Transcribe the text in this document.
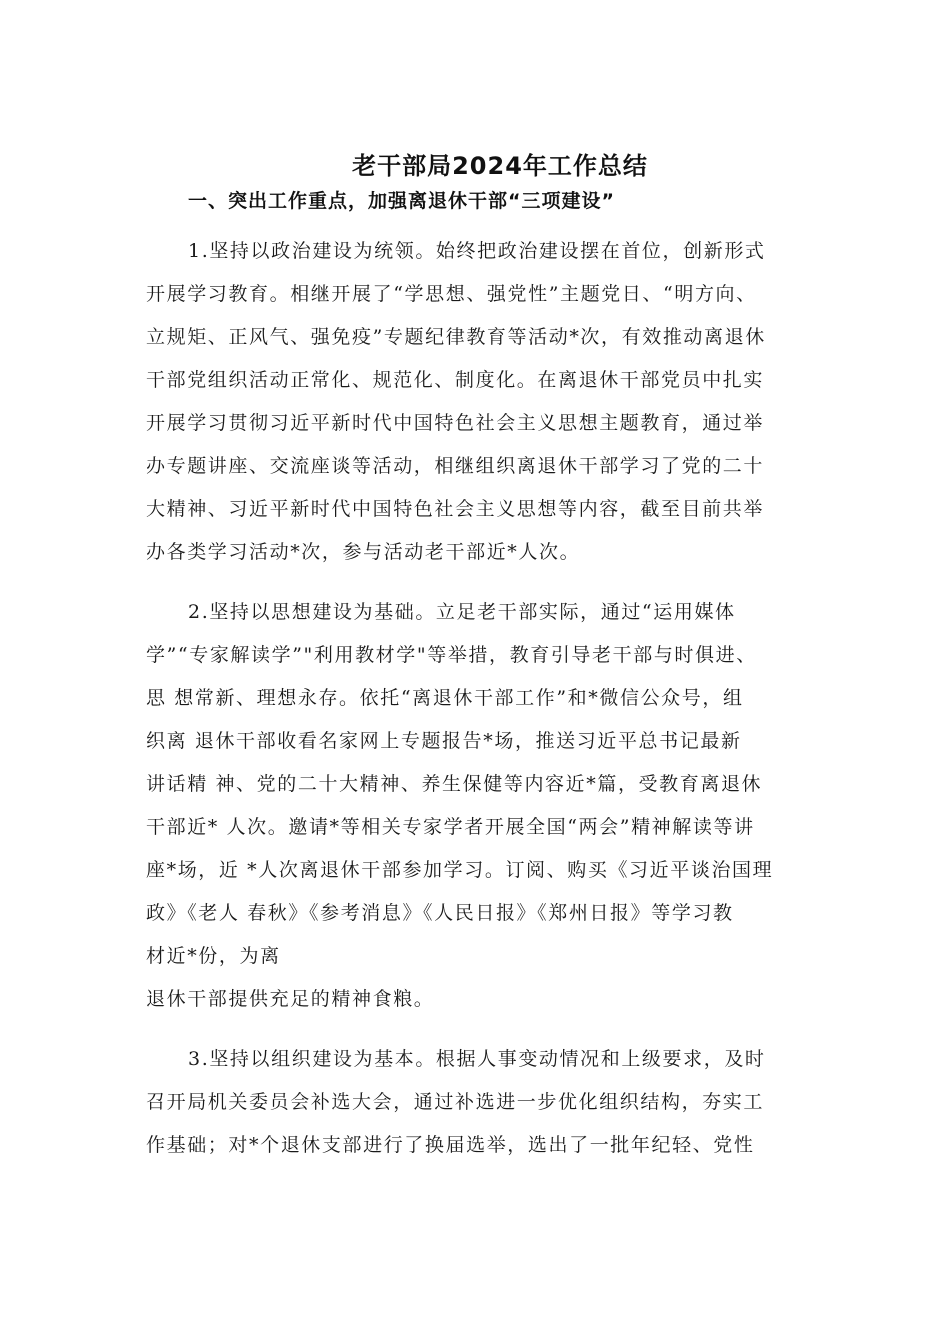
老干部局2024年工作总结
一、突出工作重点，加强离退休干部“三项建设”
1.坚持以政治建设为统领。始终把政治建设摆在首位，创新形式
开展学习教育。相继开展了“学思想、强党性”主题党日、“明方向、
立规矩、正风气、强免疫”专题纪律教育等活动*次，有效推动离退休
干部党组织活动正常化、规范化、制度化。在离退休干部党员中扎实
开展学习贯彻习近平新时代中国特色社会主义思想主题教育，通过举
办专题讲座、交流座谈等活动，相继组织离退休干部学习了党的二十
大精神、习近平新时代中国特色社会主义思想等内容，截至目前共举
办各类学习活动*次，参与活动老干部近*人次。
2.坚持以思想建设为基础。立足老干部实际，通过“运用媒体
学”“专家解读学”"利用教材学"等举措，教育引导老干部与时俱进、
思 想常新、理想永存。依托“离退休干部工作”和*微信公众号，组
织离 退休干部收看名家网上专题报告*场，推送习近平总书记最新
讲话精 神、党的二十大精神、养生保健等内容近*篇，受教育离退休
干部近* 人次。邀请*等相关专家学者开展全国“两会”精神解读等讲
座*场，近 *人次离退休干部参加学习。订阅、购买《习近平谈治国理
政》《老人 春秋》《参考消息》《人民日报》《郑州日报》等学习教
材近*份，为离
退休干部提供充足的精神食粮。
3.坚持以组织建设为基本。根据人事变动情况和上级要求，及时
召开局机关委员会补选大会，通过补选进一步优化组织结构，夯实工
作基础；对*个退休支部进行了换届选举，选出了一批年纪轻、党性
